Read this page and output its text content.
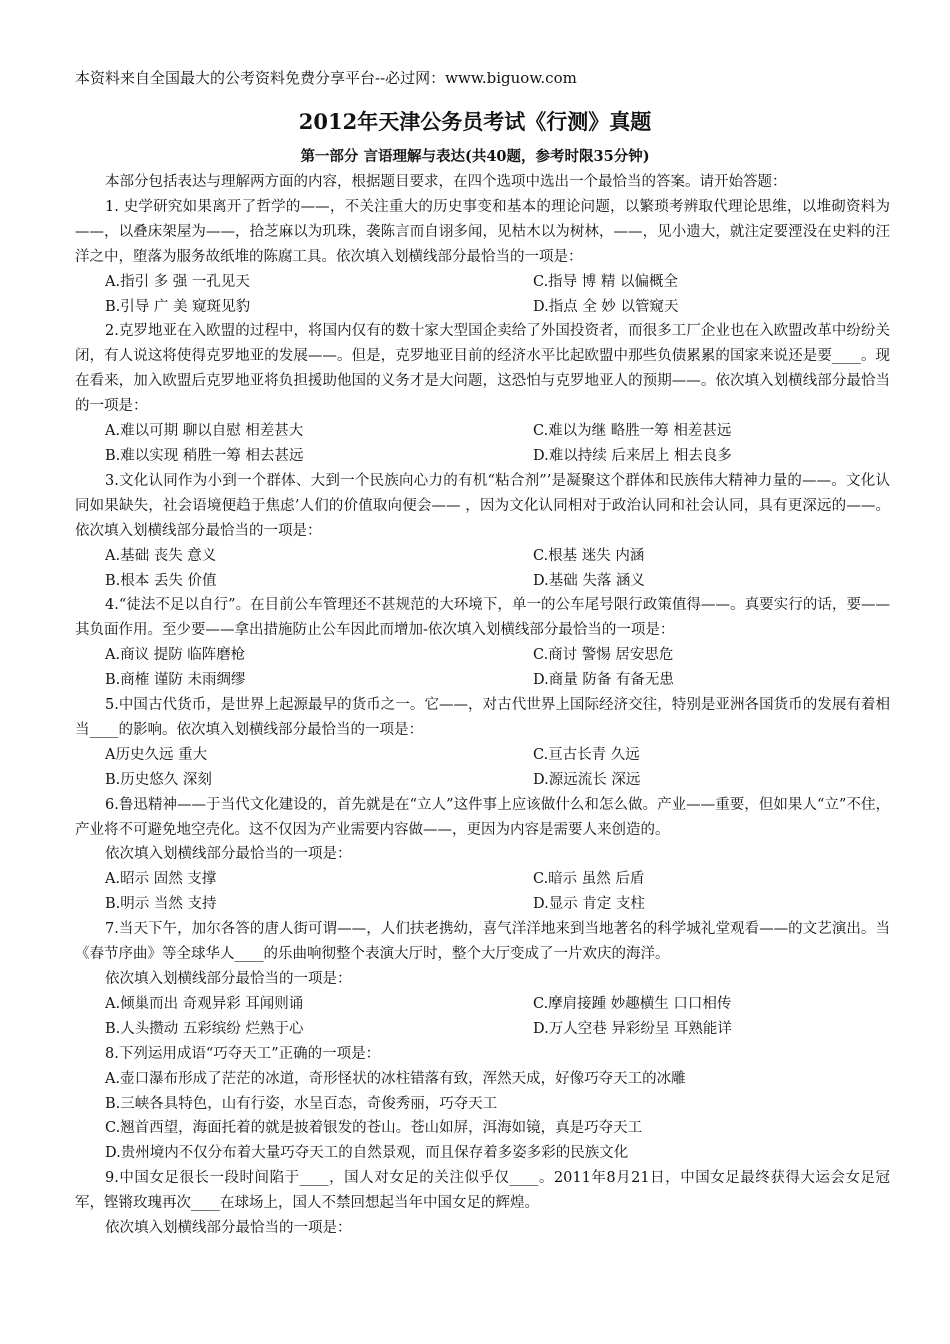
本资料来自全国最大的公考资料免费分享平台--必过网：www.biguow.com
2012年天津公务员考试《行测》真题
第一部分 言语理解与表达(共40题，参考时限35分钟)

本部分包括表达与理解两方面的内容，根据题目要求，在四个选项中选出一个最恰当的答案。请开始答题：

1. 史学研究如果离开了哲学的——，不关注重大的历史事变和基本的理论问题，以繁琐考辨取代理论思维，以堆砌资料为——，以叠床架屋为——，拾芝麻以为玑珠，袭陈言而自诩多闻，见枯木以为树林，——，见小遗大，就注定要湮没在史料的汪洋之中，堕落为服务故纸堆的陈腐工具。依次填入划横线部分最恰当的一项是：

A.指引 多 强 一孔见天	C.指导 博 精 以偏概全
B.引导 广 美 窥斑见豹	D.指点 全 妙 以管窥天

2.克罗地亚在入欧盟的过程中，将国内仅有的数十家大型国企卖给了外国投资者，而很多工厂企业也在入欧盟改革中纷纷关闭，有人说这将使得克罗地亚的发展——。但是，克罗地亚目前的经济水平比起欧盟中那些负债累累的国家来说还是要____。现在看来，加入欧盟后克罗地亚将负担援助他国的义务才是大问题，这恐怕与克罗地亚人的预期——。依次填入划横线部分最恰当的一项是：

A.难以可期 聊以自慰 相差甚大	C.难以为继 略胜一筹 相差甚远
B.难以实现 稍胜一筹 相去甚远	D.难以持续 后来居上 相去良多

3.文化认同作为小到一个群体、大到一个民族向心力的有机“粘合剂”’是凝聚这个群体和民族伟大精神力量的——。文化认同如果缺失，社会语境便趋于焦虑’人们的价值取向便会—— ，因为文化认同相对于政治认同和社会认同，具有更深远的——。依次填入划横线部分最恰当的一项是：

A.基础 丧失 意义	C.根基 迷失 内涵
B.根本 丢失 价值	D.基础 失落 涵义

4.“徒法不足以自行”。在目前公车管理还不甚规范的大环境下，单一的公车尾号限行政策值得——。真要实行的话，要——其负面作用。至少要——拿出措施防止公车因此而增加-依次填入划横线部分最恰当的一项是：

A.商议 提防 临阵磨枪	C.商讨 警惕 居安思危
B.商榷 谨防 未雨绸缪	D.商量 防备 有备无患

5.中国古代货币，是世界上起源最早的货币之一。它——，对古代世界上国际经济交往，特别是亚洲各国货币的发展有着相当____的影响。依次填入划横线部分最恰当的一项是：

A历史久远 重大	C.亘古长青 久远
B.历史悠久 深刻	D.源远流长 深远

6.鲁迅精神——于当代文化建设的，首先就是在“立人”这件事上应该做什么和怎么做。产业——重要，但如果人“立”不住，产业将不可避免地空壳化。这不仅因为产业需要内容做——，更因为内容是需要人来创造的。

依次填入划横线部分最恰当的一项是：

A.昭示 固然 支撑	C.暗示 虽然 后盾
B.明示 当然 支持	D.显示 肯定 支柱

7.当天下午，加尔各答的唐人街可谓——，人们扶老携幼，喜气洋洋地来到当地著名的科学城礼堂观看——的文艺演出。当《春节序曲》等全球华人____的乐曲响彻整个表演大厅时，整个大厅变成了一片欢庆的海洋。

依次填入划横线部分最恰当的一项是：

A.倾巢而出 奇观异彩 耳闻则诵	C.摩肩接踵 妙趣横生 口口相传
B.人头攒动 五彩缤纷 烂熟于心	D.万人空巷 异彩纷呈 耳熟能详

8.下列运用成语“巧夺天工”正确的一项是：

A.壶口瀑布形成了茫茫的冰道，奇形怪状的冰柱错落有致，浑然天成，好像巧夺天工的冰雕
B.三峡各具特色，山有行姿，水呈百态，奇俊秀丽，巧夺天工
C.翘首西望，海面托着的就是披着银发的苍山。苍山如屏，洱海如镜，真是巧夺天工
D.贵州境内不仅分布着大量巧夺天工的自然景观，而且保存着多姿多彩的民族文化

9.中国女足很长一段时间陷于____，国人对女足的关注似乎仅____。2011年8月21日，中国女足最终获得大运会女足冠军，铿锵玫瑰再次____在球场上，国人不禁回想起当年中国女足的辉煌。

依次填入划横线部分最恰当的一项是：
